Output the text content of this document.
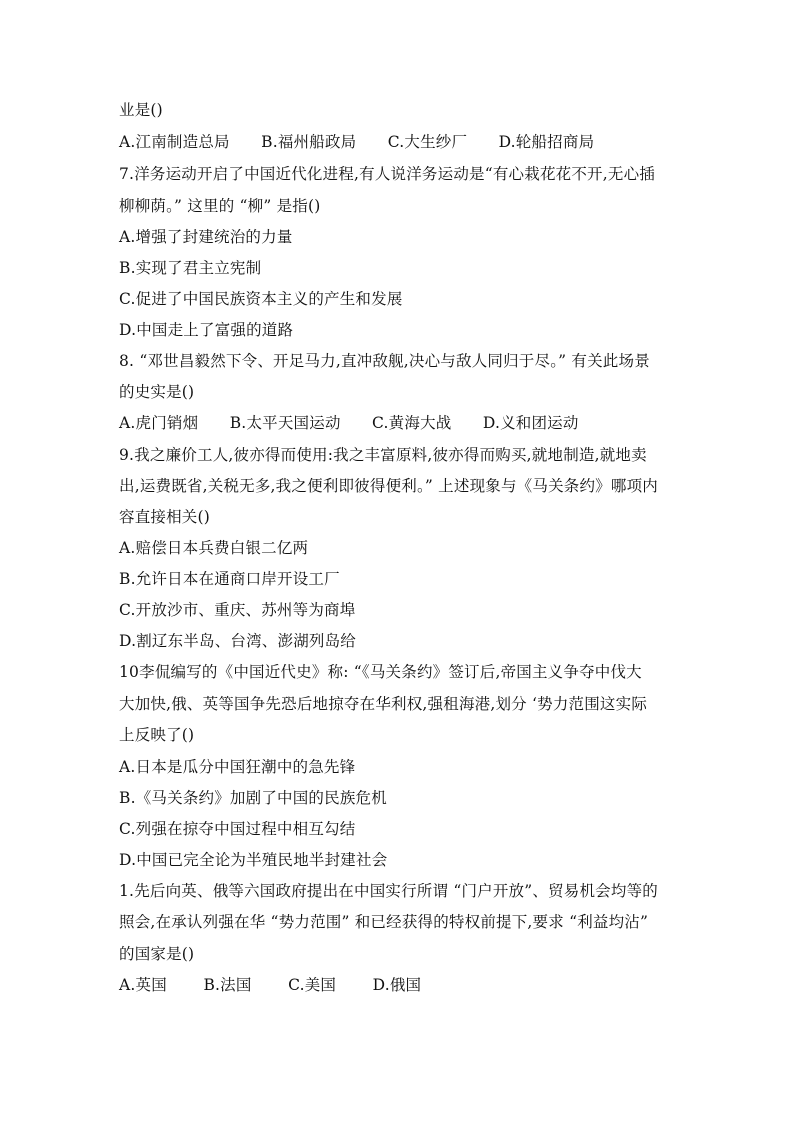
业是()
A.江南制造总局　　B.福州船政局　　C.大生纱厂　　D.轮船招商局
7.洋务运动开启了中国近代化进程,有人说洋务运动是“有心栽花花不开,无心插
柳柳荫。” 这里的 “柳” 是指()
A.增强了封建统治的力量
B.实现了君主立宪制
C.促进了中国民族资本主义的产生和发展
D.中国走上了富强的道路
8. “邓世昌毅然下令、开足马力,直冲敌舰,决心与敌人同归于尽。” 有关此场景
的史实是()
A.虎门销烟　　B.太平天国运动　　C.黄海大战　　D.义和团运动
9.我之廉价工人,彼亦得而使用:我之丰富原料,彼亦得而购买,就地制造,就地卖
出,运费既省,关税无多,我之便利即彼得便利。” 上述现象与《马关条约》哪项内
容直接相关()
A.赔偿日本兵费白银二亿两
B.允许日本在通商口岸开设工厂
C.开放沙市、重庆、苏州等为商埠
D.割辽东半岛、台湾、澎湖列岛给
10李侃编写的《中国近代史》称: “《马关条约》签订后,帝国主义争夺中伐大
大加快,俄、英等国争先恐后地掠夺在华利权,强租海港,划分 ‘势力范围这实际
上反映了()
A.日本是瓜分中国狂潮中的急先锋
B.《马关条约》加剧了中国的民族危机
C.列强在掠夺中国过程中相互勾结
D.中国已完全论为半殖民地半封建社会
1.先后向英、俄等六国政府提出在中国实行所谓 “门户开放”、贸易机会均等的
照会,在承认列强在华 “势力范围” 和已经获得的特权前提下,要求 “利益均沾”
的国家是()
A.英国　　 B.法国　　 C.美国　　 D.俄国
